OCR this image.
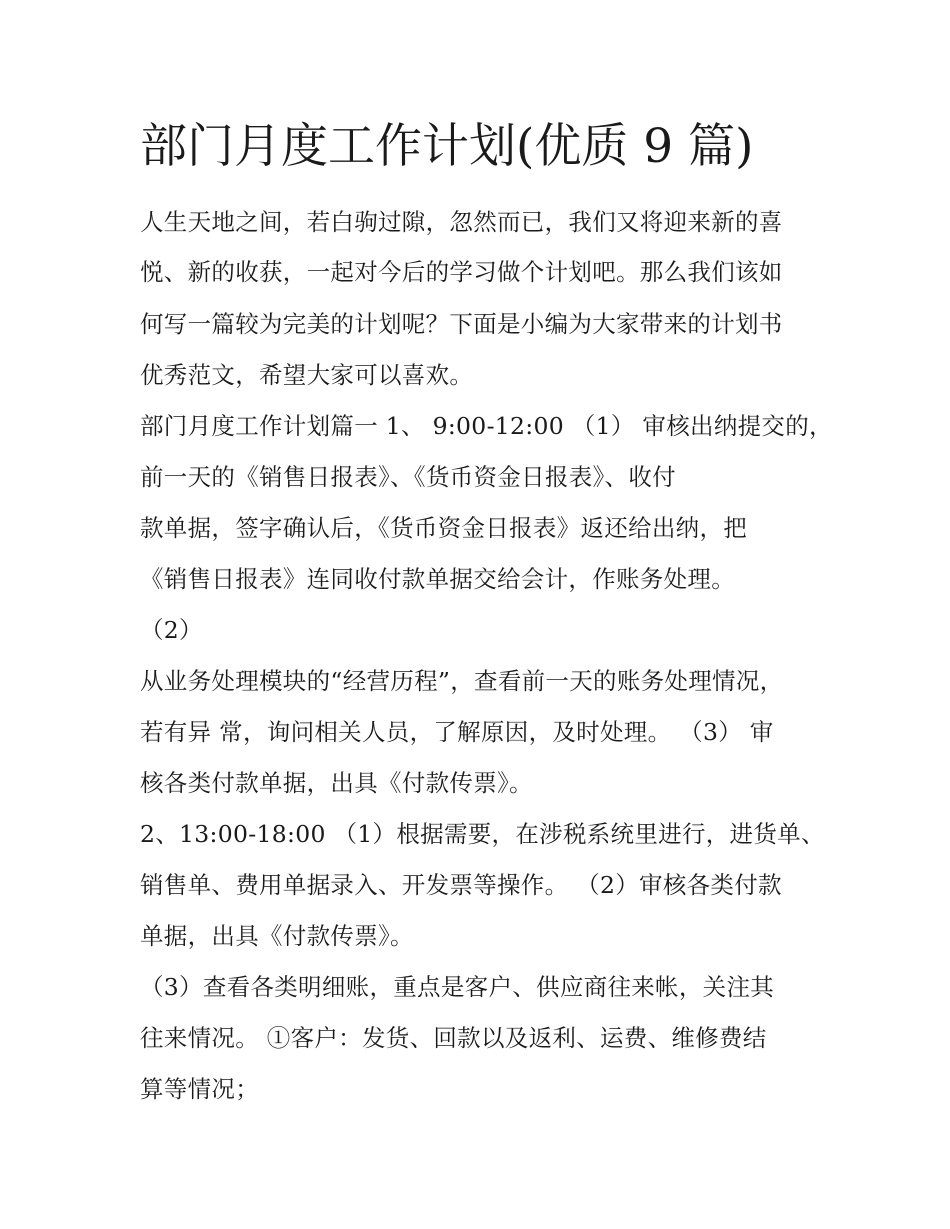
部门月度工作计划(优质 9 篇)

人生天地之间，若白驹过隙，忽然而已，我们又将迎来新的喜

悦、新的收获，一起对今后的学习做个计划吧。那么我们该如

何写一篇较为完美的计划呢？下面是小编为大家带来的计划书

优秀范文，希望大家可以喜欢。

部门月度工作计划篇一 1、 9:00-12:00 （1） 审核出纳提交的，

前一天的《销售日报表》、《货币资金日报表》、收付

款单据，签字确认后，《货币资金日报表》返还给出纳，把

《销售日报表》连同收付款单据交给会计，作账务处理。

（2）

从业务处理模块的“经营历程”，查看前一天的账务处理情况，

若有异 常，询问相关人员，了解原因，及时处理。 （3） 审

核各类付款单据，出具《付款传票》。

2、13:00-18:00 （1）根据需要，在涉税系统里进行，进货单、

销售单、费用单据录入、开发票等操作。 （2）审核各类付款

单据，出具《付款传票》。

（3）查看各类明细账，重点是客户、供应商往来帐，关注其

往来情况。 ①客户：发货、回款以及返利、运费、维修费结

算等情况；
